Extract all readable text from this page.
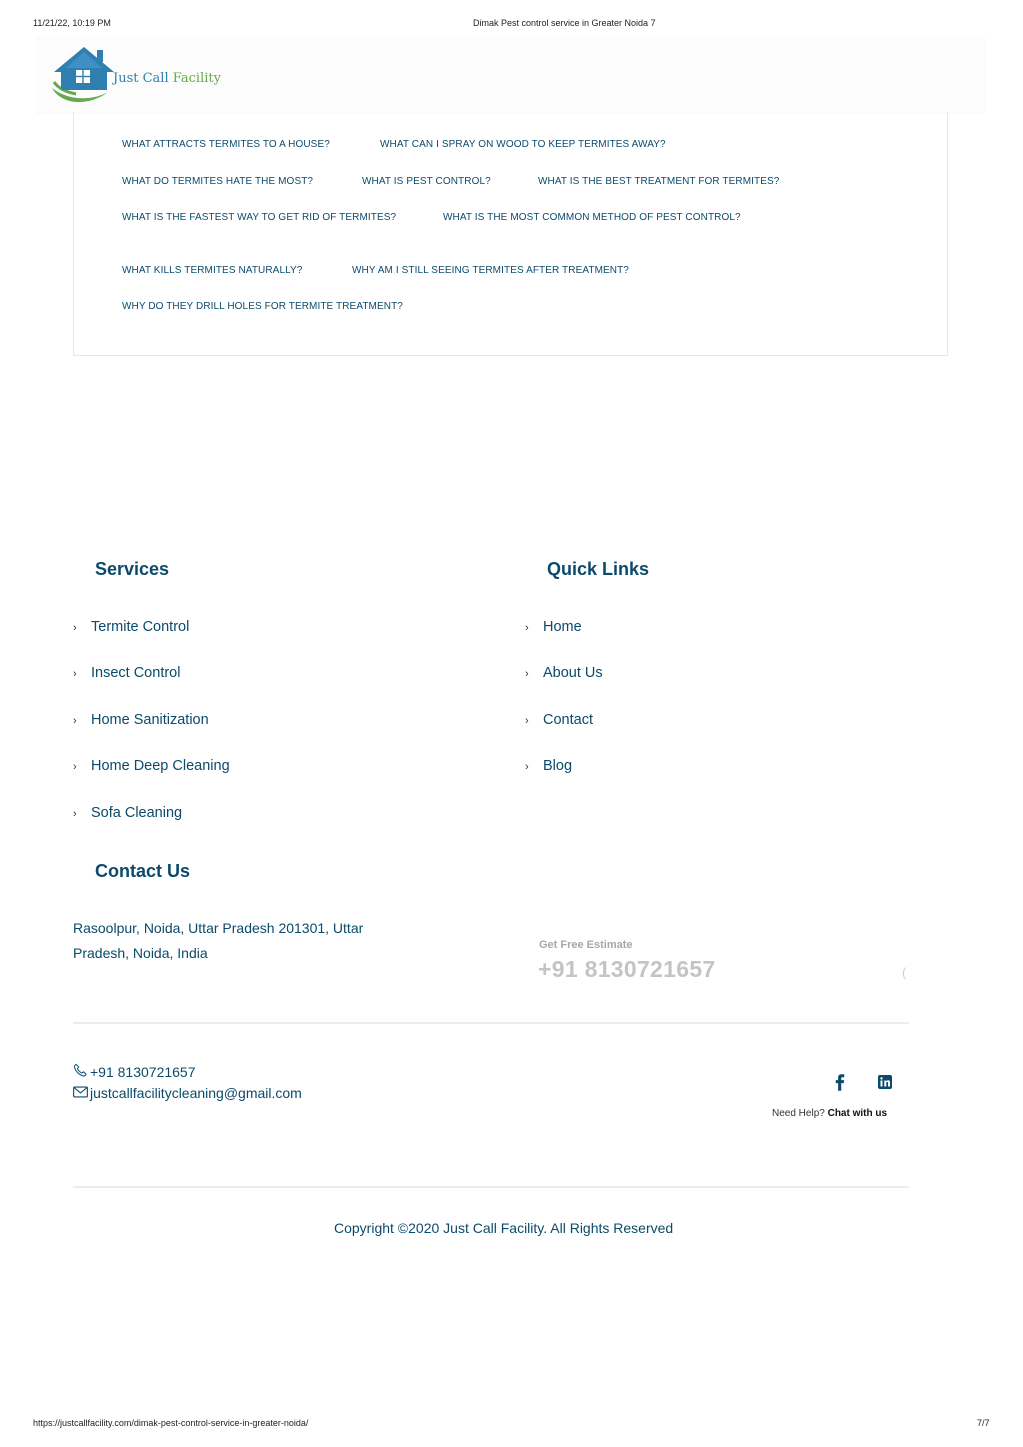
11/21/22, 10:19 PM	Dimak Pest control service in Greater Noida 7
Just Call Facility
WHAT ATTRACTS TERMITES TO A HOUSE?	WHAT CAN I SPRAY ON WOOD TO KEEP TERMITES AWAY?
WHAT DO TERMITES HATE THE MOST?	WHAT IS PEST CONTROL?	WHAT IS THE BEST TREATMENT FOR TERMITES?
WHAT IS THE FASTEST WAY TO GET RID OF TERMITES?	WHAT IS THE MOST COMMON METHOD OF PEST CONTROL?
WHAT KILLS TERMITES NATURALLY?	WHY AM I STILL SEEING TERMITES AFTER TREATMENT?
WHY DO THEY DRILL HOLES FOR TERMITE TREATMENT?
Services
› Termite Control
› Insect Control
› Home Sanitization
› Home Deep Cleaning
› Sofa Cleaning
Quick Links
› Home
› About Us
› Contact
› Blog
Contact Us
Rasoolpur, Noida, Uttar Pradesh 201301, Uttar Pradesh, Noida, India	Get Free Estimate
+91 8130721657	(
+91 8130721657
justcallfacilitycleaning@gmail.com
Need Help? Chat with us
Copyright ©2020 Just Call Facility. All Rights Reserved
https://justcallfacility.com/dimak-pest-control-service-in-greater-noida/	7/7
